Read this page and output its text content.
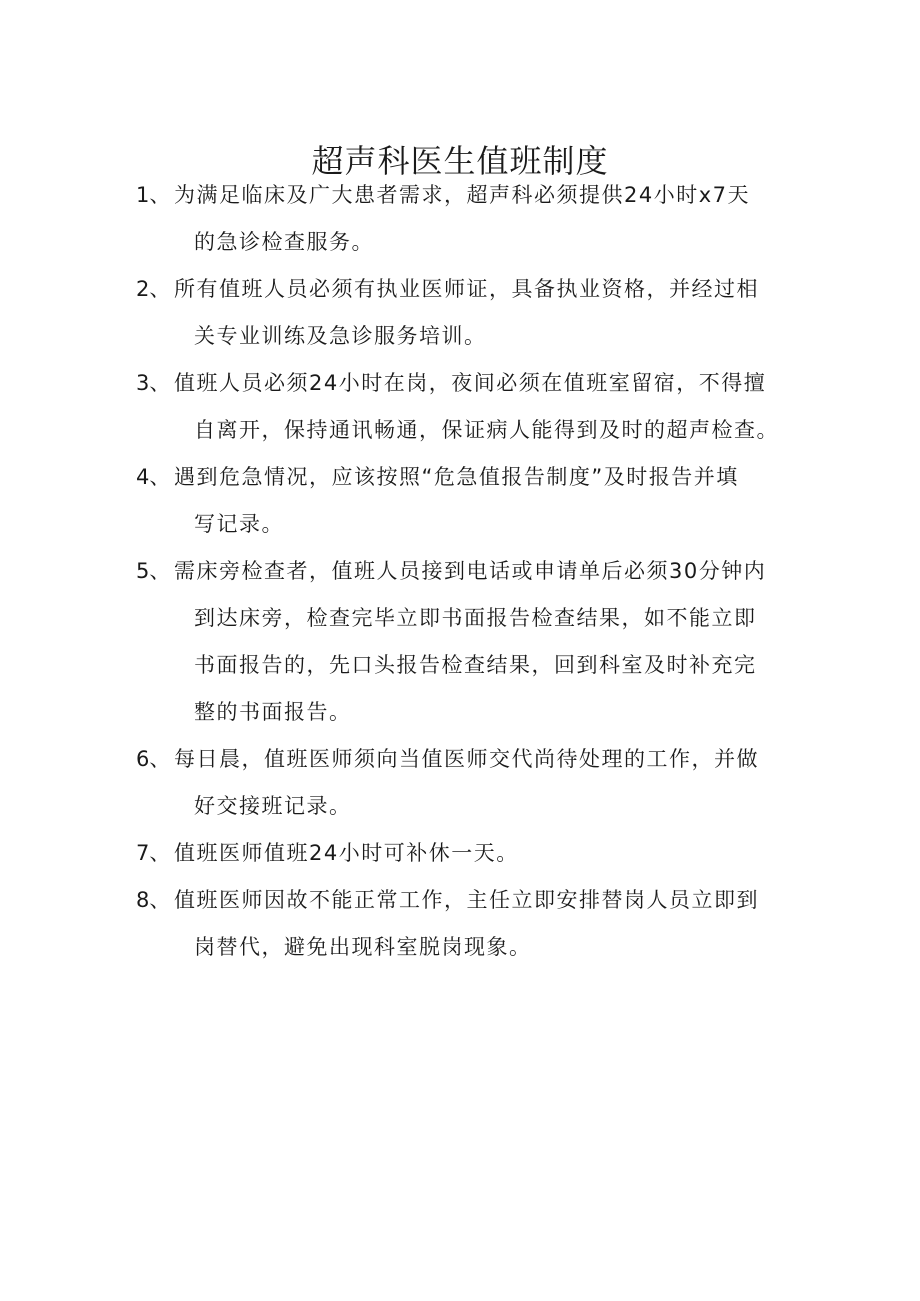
超声科医生值班制度
1、 为满足临床及广大患者需求，超声科必须提供24小时x7天
的急诊检查服务。
2、 所有值班人员必须有执业医师证，具备执业资格，并经过相
关专业训练及急诊服务培训。
3、 值班人员必须24小时在岗，夜间必须在值班室留宿，不得擅
自离开，保持通讯畅通，保证病人能得到及时的超声检查。
4、 遇到危急情况，应该按照“危急值报告制度”及时报告并填
写记录。
5、 需床旁检查者，值班人员接到电话或申请单后必须30分钟内
到达床旁，检查完毕立即书面报告检查结果，如不能立即
书面报告的，先口头报告检查结果，回到科室及时补充完
整的书面报告。
6、 每日晨，值班医师须向当值医师交代尚待处理的工作，并做
好交接班记录。
7、 值班医师值班24小时可补休一天。
8、 值班医师因故不能正常工作，主任立即安排替岗人员立即到
岗替代，避免出现科室脱岗现象。
